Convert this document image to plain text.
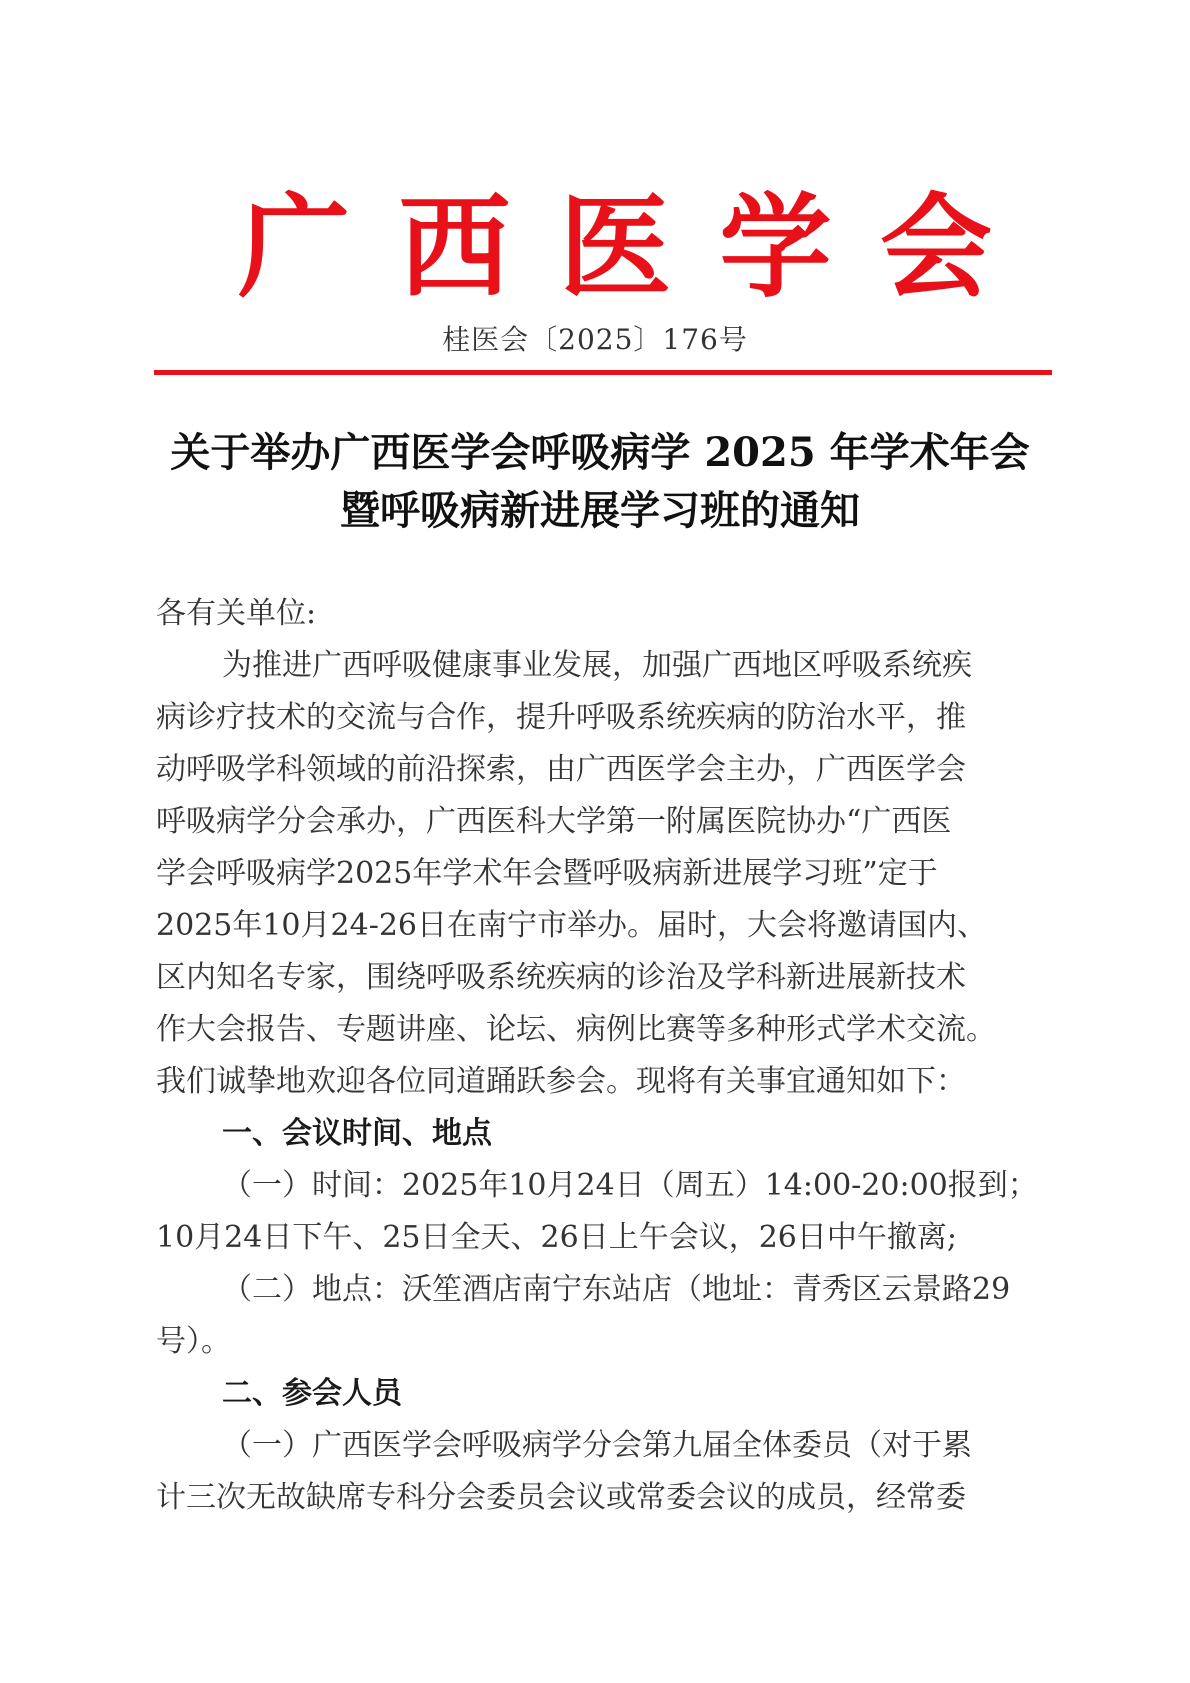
广 西 医 学 会
桂医会〔2025〕176号
关于举办广西医学会呼吸病学 2025 年学术年会
暨呼吸病新进展学习班的通知
各有关单位:
为推进广西呼吸健康事业发展，加强广西地区呼吸系统疾
病诊疗技术的交流与合作，提升呼吸系统疾病的防治水平，推
动呼吸学科领域的前沿探索，由广西医学会主办，广西医学会
呼吸病学分会承办，广西医科大学第一附属医院协办“广西医
学会呼吸病学2025年学术年会暨呼吸病新进展学习班”定于
2025年10月24-26日在南宁市举办。届时，大会将邀请国内、
区内知名专家，围绕呼吸系统疾病的诊治及学科新进展新技术
作大会报告、专题讲座、论坛、病例比赛等多种形式学术交流。
我们诚挚地欢迎各位同道踊跃参会。现将有关事宜通知如下：
一、会议时间、地点
（一）时间：2025年10月24日（周五）14:00-20:00报到；
10月24日下午、25日全天、26日上午会议，26日中午撤离;
（二）地点：沃笙酒店南宁东站店（地址：青秀区云景路29
号）。
二、参会人员
（一）广西医学会呼吸病学分会第九届全体委员（对于累
计三次无故缺席专科分会委员会议或常委会议的成员，经常委
